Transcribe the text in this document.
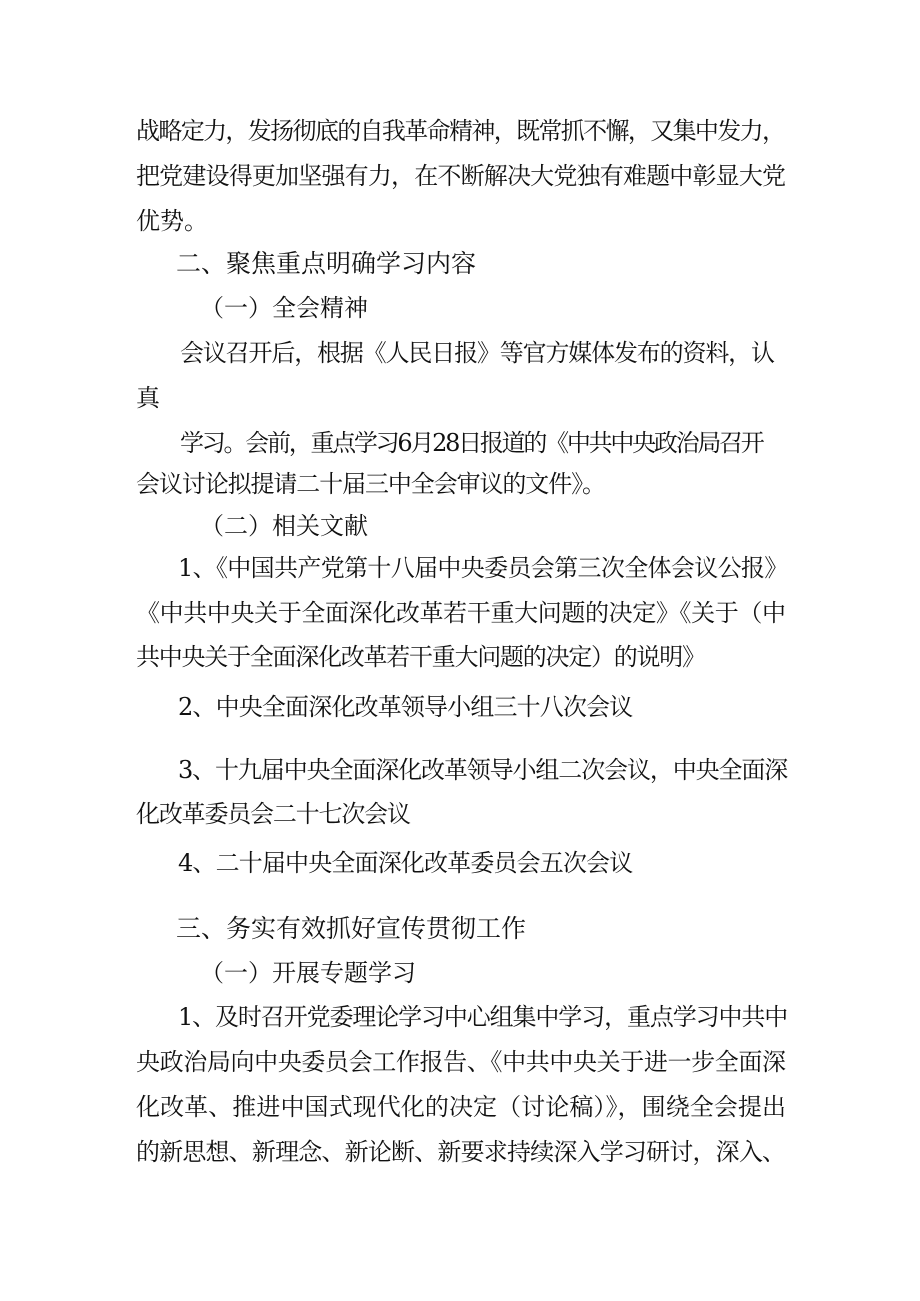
战略定力，发扬彻底的自我革命精神，既常抓不懈，又集中发力，
把党建设得更加坚强有力，在不断解决大党独有难题中彰显大党
优势。
二、聚焦重点明确学习内容
（一）全会精神
会议召开后，根据《人民日报》等官方媒体发布的资料，认
真
学习。会前，重点学习6月28日报道的《中共中央政治局召开
会议讨论拟提请二十届三中全会审议的文件》。
（二）相关文献
1、《中国共产党第十八届中央委员会第三次全体会议公报》
《中共中央关于全面深化改革若干重大问题的决定》《关于（中
共中央关于全面深化改革若干重大问题的决定）的说明》
2、中央全面深化改革领导小组三十八次会议
3、十九届中央全面深化改革领导小组二次会议，中央全面深
化改革委员会二十七次会议
4、二十届中央全面深化改革委员会五次会议
三、务实有效抓好宣传贯彻工作
（一）开展专题学习
1、及时召开党委理论学习中心组集中学习，重点学习中共中
央政治局向中央委员会工作报告、《中共中央关于进一步全面深
化改革、推进中国式现代化的决定（讨论稿）》，围绕全会提出
的新思想、新理念、新论断、新要求持续深入学习研讨，深入、
